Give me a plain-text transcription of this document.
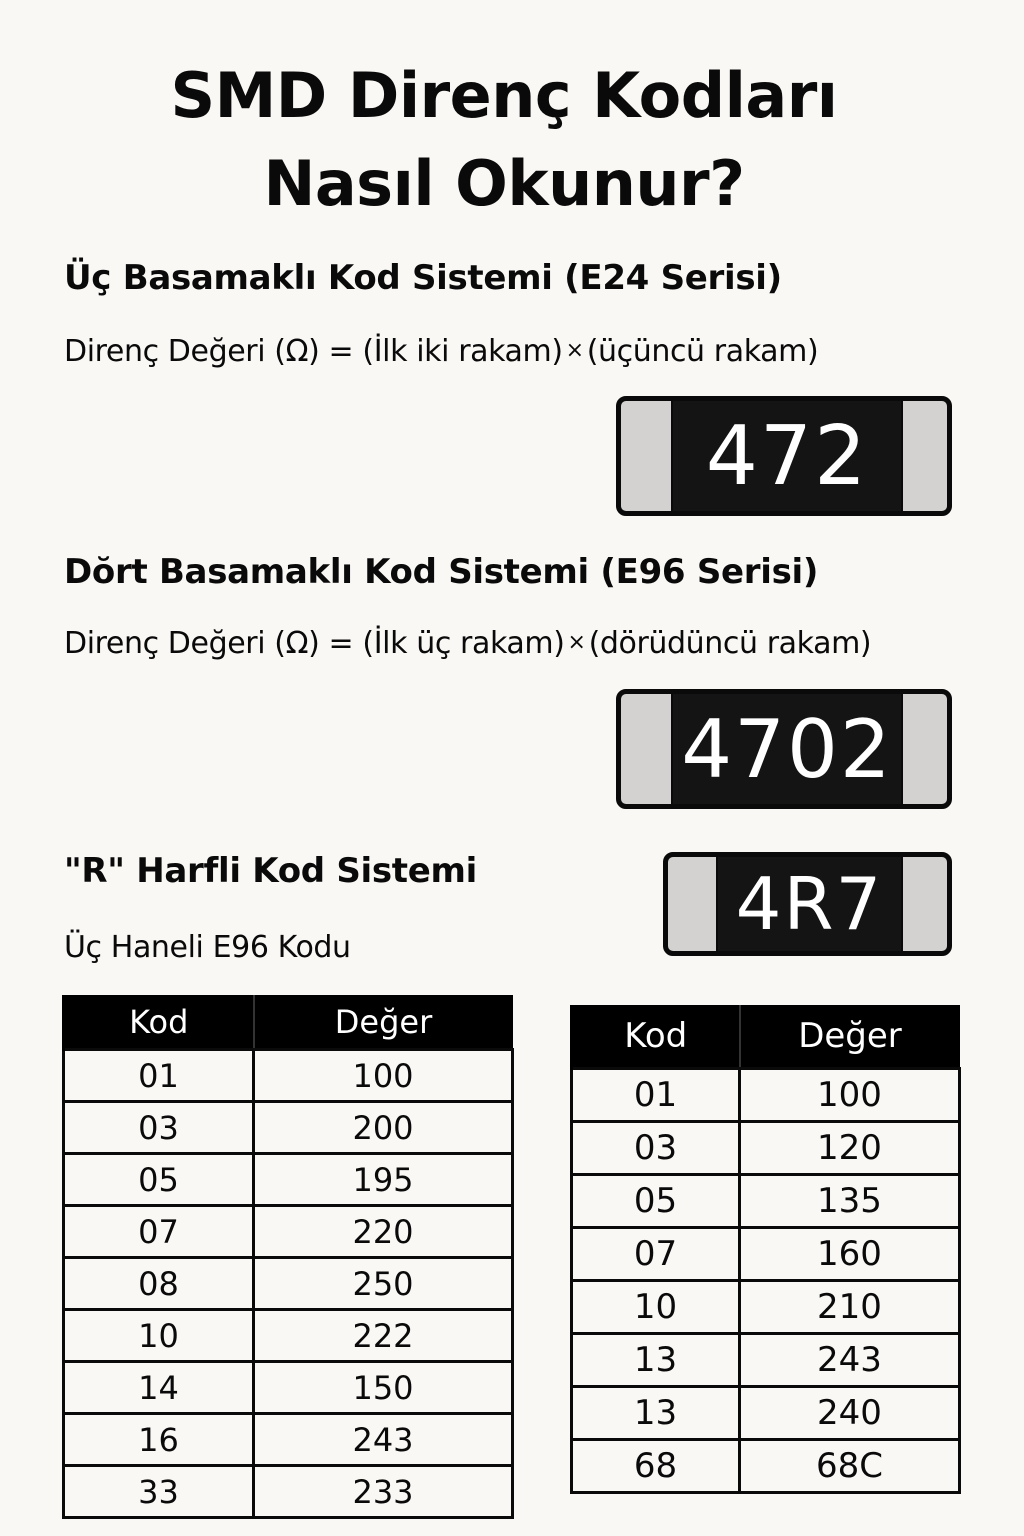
SMD Direnç Kodları
Nasıl Okunur?
Üç Basamaklı Kod Sistemi (E24 Serisi)
Direnç Değeri (Ω) = (İlk iki rakam) × (üçüncü rakam)
472
Dŏrt Basamaklı Kod Sistemi (E96 Serisi)
Direnç Değeri (Ω) = (İlk üç rakam) × (dörüdüncü rakam)
4702
"R" Harfli Kod Sistemi
Üç Haneli E96 Kodu
4R7
Kod	Değer
01	100
03	200
05	195
07	220
08	250
10	222
14	150
16	243
33	233
Kod	Değer
01	100
03	120
05	135
07	160
10	210
13	243
13	240
68	68C
